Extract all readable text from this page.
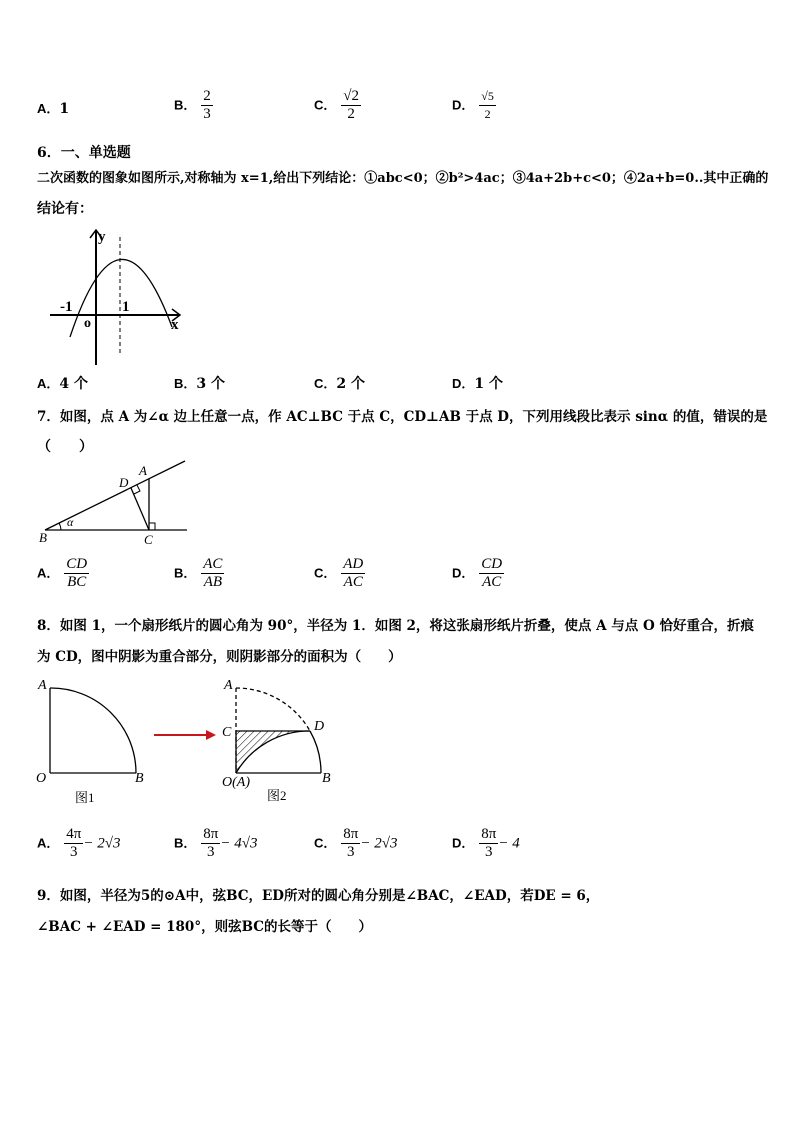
A．1	B． $\frac{2}{3}$	C． $\frac{√2}{2}$	D． $\frac{√5}{2}$
6．一、单选题
二次函数的图象如图所示,对称轴为 x=1,给出下列结论：①abc<0；②b²>4ac；③4a+2b+c<0；④2a+b=0..其中正确的
结论有：
y
x
o
-1	1
A．4 个	B．3 个	C．2 个	D．1 个
7．如图，点 A 为∠α 边上任意一点，作 AC⊥BC 于点 C，CD⊥AB 于点 D，下列用线段比表示 sinα 的值，错误的是
（　　）
A
B	C
D
α
A． $\frac{CD}{BC}$	B． $\frac{AC}{AB}$	C． $\frac{AD}{AC}$	D． $\frac{CD}{AC}$
8．如图 1，一个扇形纸片的圆心角为 90°，半径为 1．如图 2，将这张扇形纸片折叠，使点 A 与点 O 恰好重合，折痕
为 CD，图中阴影为重合部分，则阴影部分的面积为（　　）
A
O	B
图1
A
C	D
O(A)	B
图2
A． $\frac{4\pi}{3} - 2√3$	B． $\frac{8\pi}{3} - 4√3$	C． $\frac{8\pi}{3} - 2√3$	D． $\frac{8\pi}{3} - 4$
9．如图，半径为5的⊙A中，弦BC，ED所对的圆心角分别是∠BAC，∠EAD，若DE = 6，
∠BAC + ∠EAD = 180°，则弦BC的长等于（　　）
